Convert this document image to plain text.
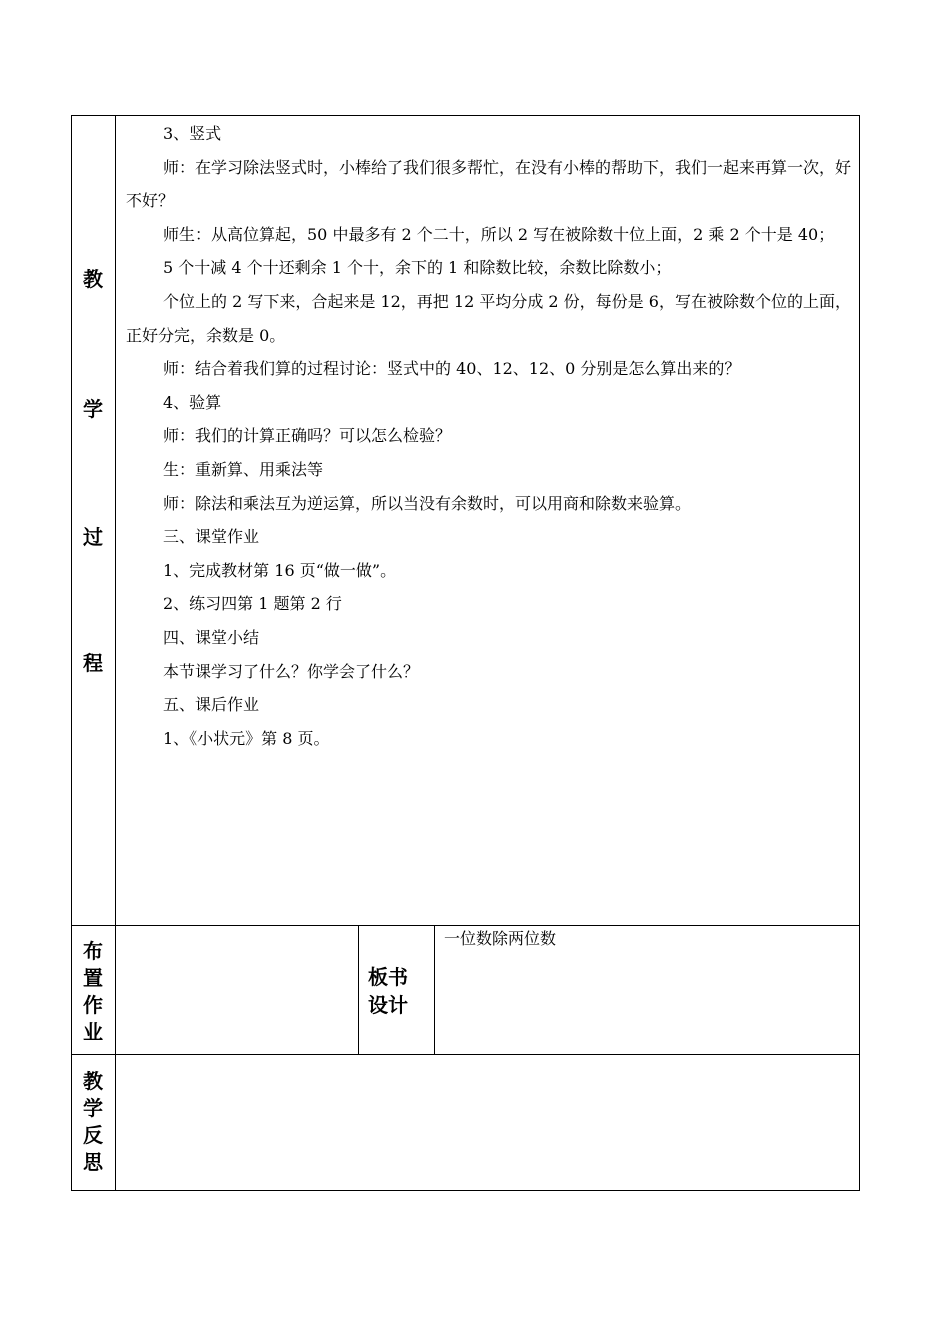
教
学
过
程

3、竖式

师：在学习除法竖式时，小棒给了我们很多帮忙，在没有小棒的帮助下，我们一起来再算一次，好不好？

师生：从高位算起，50 中最多有 2 个二十，所以 2 写在被除数十位上面，2 乘 2 个十是 40；

5 个十减 4 个十还剩余 1 个十，余下的 1 和除数比较，余数比除数小；

个位上的 2 写下来，合起来是 12，再把 12 平均分成 2 份，每份是 6，写在被除数个位的上面，正好分完，余数是 0。

师：结合着我们算的过程讨论：竖式中的 40、12、12、0 分别是怎么算出来的？

4、验算

师：我们的计算正确吗？可以怎么检验？

生：重新算、用乘法等

师：除法和乘法互为逆运算，所以当没有余数时，可以用商和除数来验算。

三、课堂作业

1、完成教材第 16 页“做一做”。

2、练习四第 1 题第 2 行

四、课堂小结

本节课学习了什么？你学会了什么？

五、课后作业

1、《小状元》第 8 页。

布
置
作
业
板书
设计
一位数除两位数
教
学
反
思
